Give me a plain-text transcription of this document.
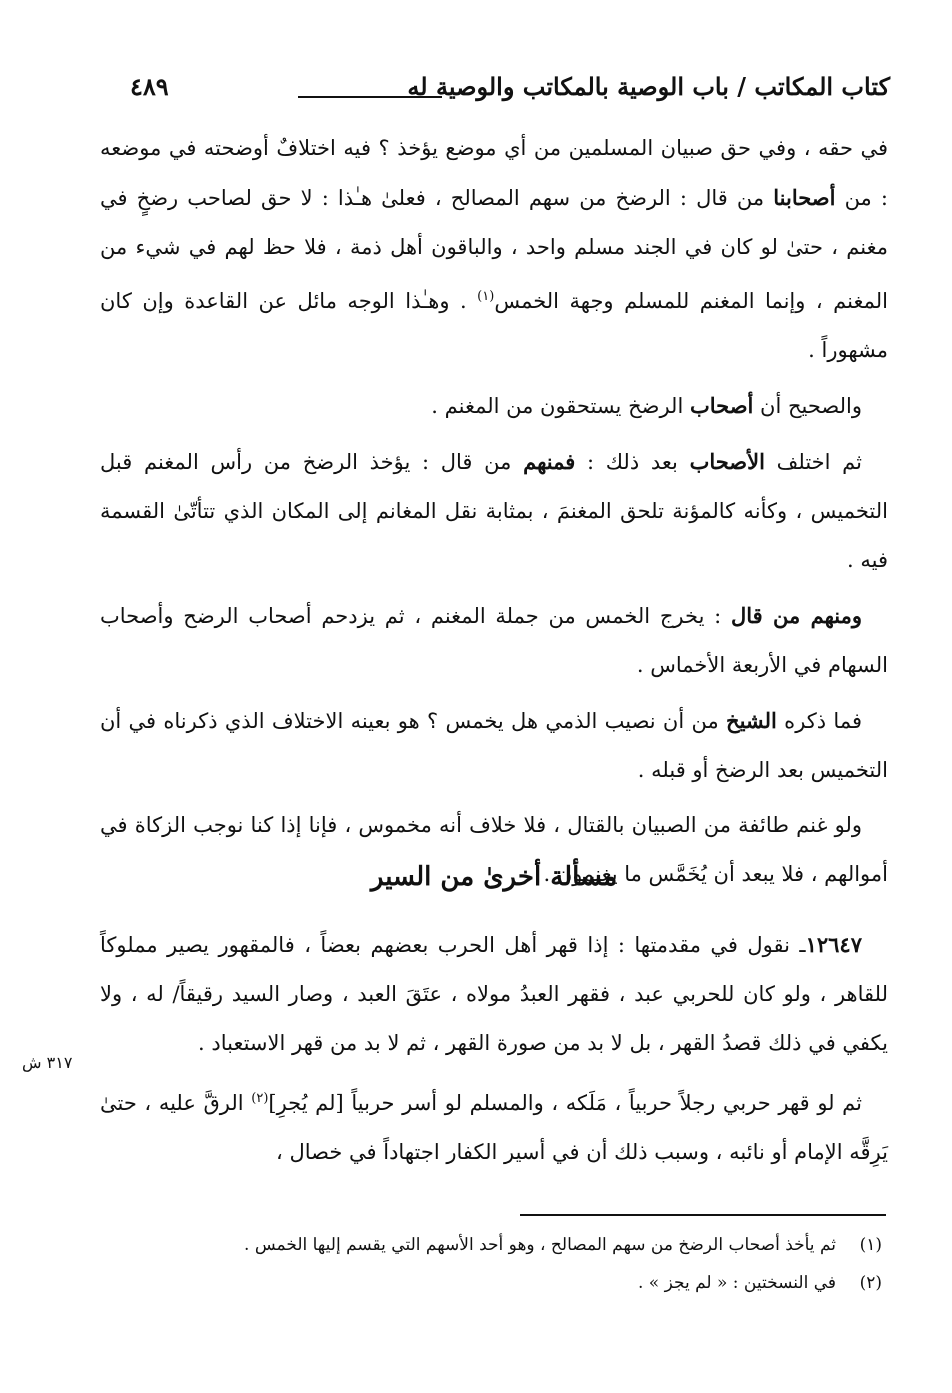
كتاب المكاتب / باب الوصية بالمكاتب والوصية له
٤٨٩

في حقه ، وفي حق صبيان المسلمين من أي موضع يؤخذ ؟ فيه اختلافٌ أوضحته في موضعه : من أصحابنا من قال : الرضخ من سهم المصالح ، فعلىٰ هـٰذا : لا حق لصاحب رضخٍ في مغنم ، حتىٰ لو كان في الجند مسلم واحد ، والباقون أهل ذمة ، فلا حظ لهم في شيء من المغنم ، وإنما المغنم للمسلم وجهة الخمس$^{(١)}$ . وهـٰذا الوجه مائل عن القاعدة وإن كان مشهوراً .

والصحيح أن أصحاب الرضخ يستحقون من المغنم .

ثم اختلف الأصحاب بعد ذلك : فمنهم من قال : يؤخذ الرضخ من رأس المغنم قبل التخميس ، وكأنه كالمؤنة تلحق المغنمَ ، بمثابة نقل المغانم إلى المكان الذي تتأتّىٰ القسمة فيه .

ومنهم من قال : يخرج الخمس من جملة المغنم ، ثم يزدحم أصحاب الرضح وأصحاب السهام في الأربعة الأخماس .

فما ذكره الشيخ من أن نصيب الذمي هل يخمس ؟ هو بعينه الاختلاف الذي ذكرناه في أن التخميس بعد الرضخ أو قبله .

ولو غنم طائفة من الصبيان بالقتال ، فلا خلاف أنه مخموس ، فإنا إذا كنا نوجب الزكاة في أموالهم ، فلا يبعد أن يُخَمَّس ما يغنمون .

مسألة أخرىٰ من السير

١٢٦٤٧ـ نقول في مقدمتها : إذا قهر أهل الحرب بعضهم بعضاً ، فالمقهور يصير مملوكاً للقاهر ، ولو كان للحربي عبد ، فقهر العبدُ مولاه ، عتَقَ العبد ، وصار السيد رقيقاً/ له ، ولا يكفي في ذلك قصدُ القهر ، بل لا بد من صورة القهر ، ثم لا بد من قهر الاستعباد .

ثم لو قهر حربي رجلاً حربياً ، مَلَكه ، والمسلم لو أسر حربياً [لم يُجرِ]$^{(٢)}$ الرقَّ عليه ، حتىٰ يَرِقَّه الإمام أو نائبه ، وسبب ذلك أن في أسير الكفار اجتهاداً في خصال ،

٣١٧ ش
(١)
ثم يأخذ أصحاب الرضخ من سهم المصالح ، وهو أحد الأسهم التي يقسم إليها الخمس .
(٢)
في النسختين : « لم يجز » .
